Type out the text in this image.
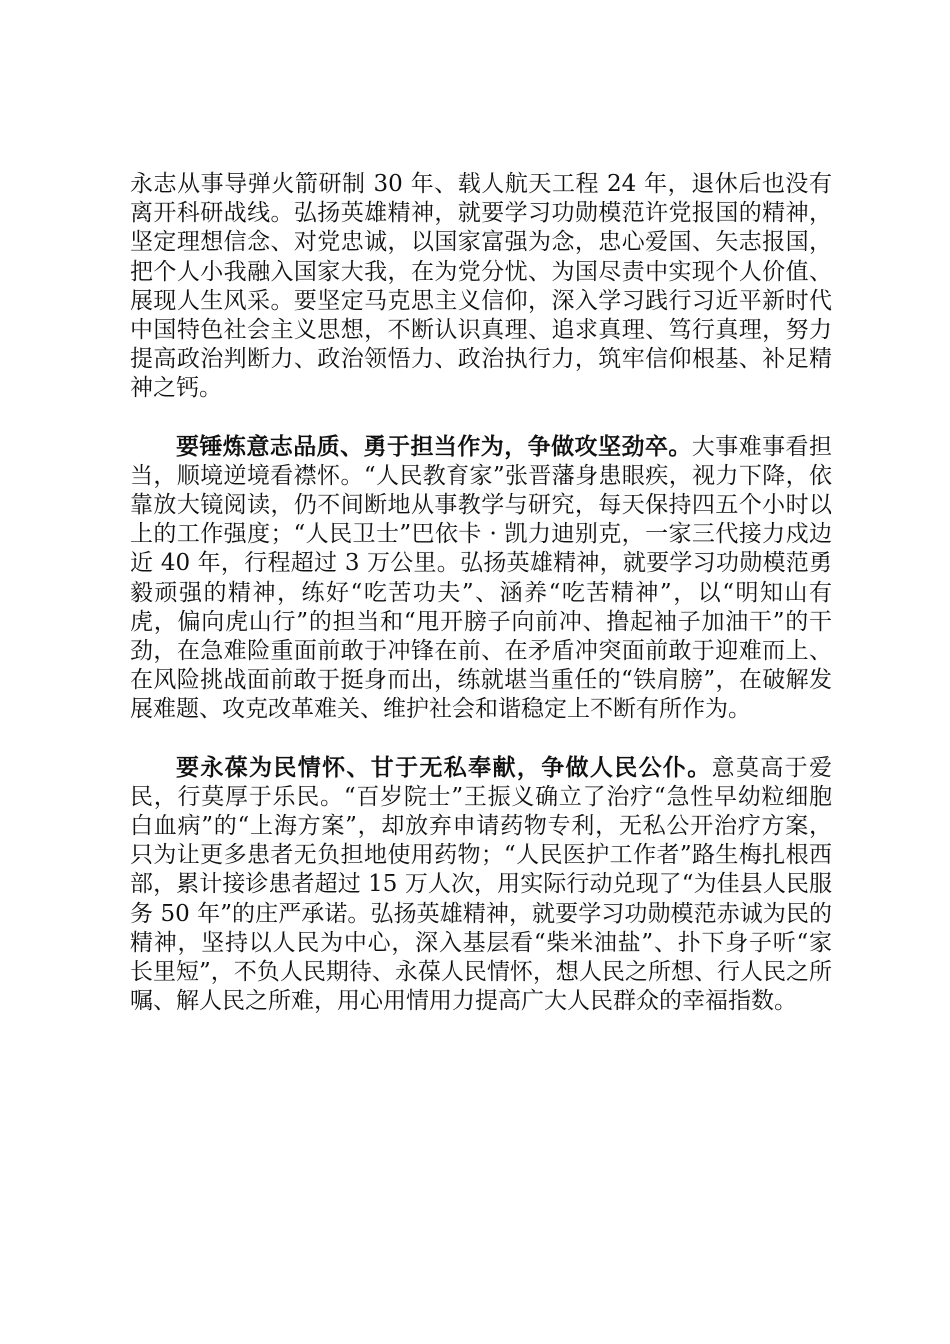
永志从事导弹火箭研制 30 年、载人航天工程 24 年，退休后也没有离开科研战线。弘扬英雄精神，就要学习功勋模范许党报国的精神，坚定理想信念、对党忠诚，以国家富强为念，忠心爱国、矢志报国，把个人小我融入国家大我，在为党分忧、为国尽责中实现个人价值、展现人生风采。要坚定马克思主义信仰，深入学习践行习近平新时代中国特色社会主义思想，不断认识真理、追求真理、笃行真理，努力提高政治判断力、政治领悟力、政治执行力，筑牢信仰根基、补足精神之钙。

要锤炼意志品质、勇于担当作为，争做攻坚劲卒。大事难事看担当，顺境逆境看襟怀。“人民教育家”张晋藩身患眼疾，视力下降，依靠放大镜阅读，仍不间断地从事教学与研究，每天保持四五个小时以上的工作强度；“人民卫士”巴依卡 · 凯力迪别克，一家三代接力戍边近 40 年，行程超过 3 万公里。弘扬英雄精神，就要学习功勋模范勇毅顽强的精神，练好“吃苦功夫”、涵养“吃苦精神”，以“明知山有虎，偏向虎山行”的担当和“甩开膀子向前冲、撸起袖子加油干”的干劲，在急难险重面前敢于冲锋在前、在矛盾冲突面前敢于迎难而上、在风险挑战面前敢于挺身而出，练就堪当重任的“铁肩膀”，在破解发展难题、攻克改革难关、维护社会和谐稳定上不断有所作为。

要永葆为民情怀、甘于无私奉献，争做人民公仆。意莫高于爱民，行莫厚于乐民。“百岁院士”王振义确立了治疗“急性早幼粒细胞白血病”的“上海方案”，却放弃申请药物专利，无私公开治疗方案，只为让更多患者无负担地使用药物；“人民医护工作者”路生梅扎根西部，累计接诊患者超过 15 万人次，用实际行动兑现了“为佳县人民服务 50 年”的庄严承诺。弘扬英雄精神，就要学习功勋模范赤诚为民的精神，坚持以人民为中心，深入基层看“柴米油盐”、扑下身子听“家长里短”，不负人民期待、永葆人民情怀，想人民之所想、行人民之所嘱、解人民之所难，用心用情用力提高广大人民群众的幸福指数。
